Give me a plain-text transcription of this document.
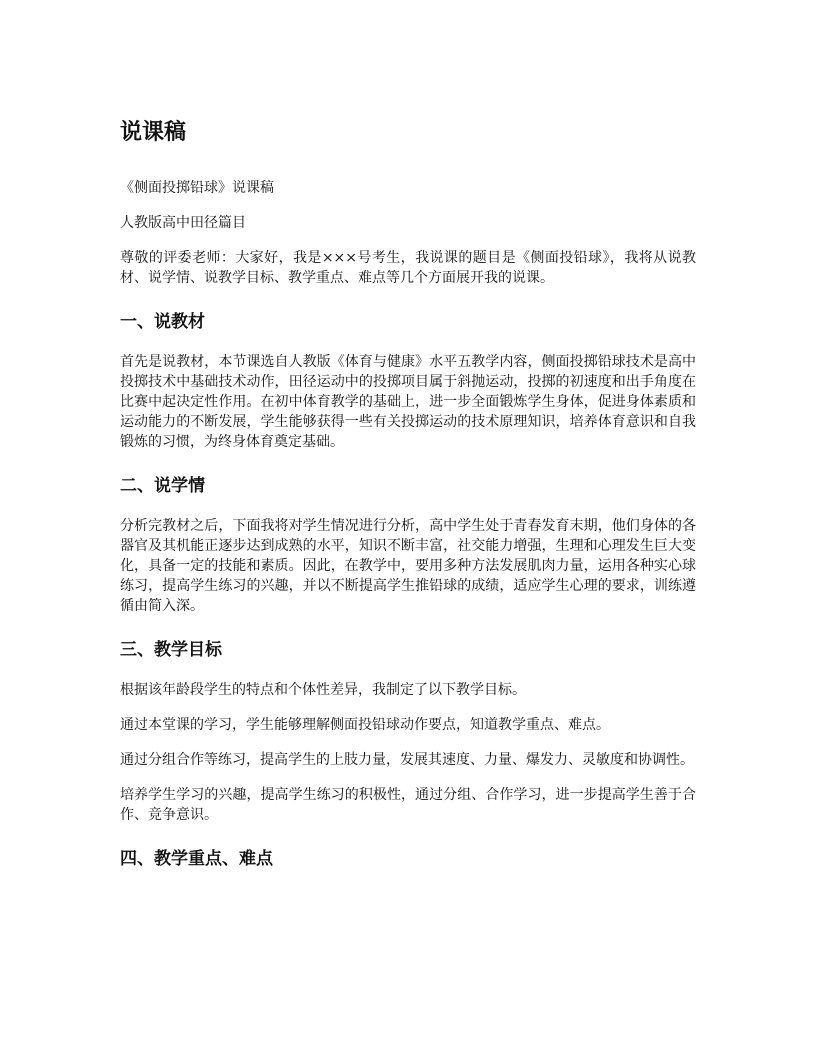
说课稿

《侧面投掷铅球》说课稿

人教版高中田径篇目

尊敬的评委老师：大家好，我是×××号考生，我说课的题目是《侧面投铅球》，我将从说教材、说学情、说教学目标、教学重点、难点等几个方面展开我的说课。

一、说教材

首先是说教材，本节课选自人教版《体育与健康》水平五教学内容，侧面投掷铅球技术是高中投掷技术中基础技术动作，田径运动中的投掷项目属于斜抛运动，投掷的初速度和出手角度在比赛中起决定性作用。在初中体育教学的基础上，进一步全面锻炼学生身体，促进身体素质和运动能力的不断发展，学生能够获得一些有关投掷运动的技术原理知识，培养体育意识和自我锻炼的习惯，为终身体育奠定基础。

二、说学情

分析完教材之后，下面我将对学生情况进行分析，高中学生处于青春发育末期，他们身体的各器官及其机能正逐步达到成熟的水平，知识不断丰富，社交能力增强，生理和心理发生巨大变化，具备一定的技能和素质。因此，在教学中，要用多种方法发展肌肉力量，运用各种实心球练习，提高学生练习的兴趣，并以不断提高学生推铅球的成绩，适应学生心理的要求，训练遵循由简入深。

三、教学目标

根据该年龄段学生的特点和个体性差异，我制定了以下教学目标。

通过本堂课的学习，学生能够理解侧面投铅球动作要点，知道教学重点、难点。

通过分组合作等练习，提高学生的上肢力量，发展其速度、力量、爆发力、灵敏度和协调性。

培养学生学习的兴趣，提高学生练习的积极性，通过分组、合作学习，进一步提高学生善于合作、竞争意识。

四、教学重点、难点
